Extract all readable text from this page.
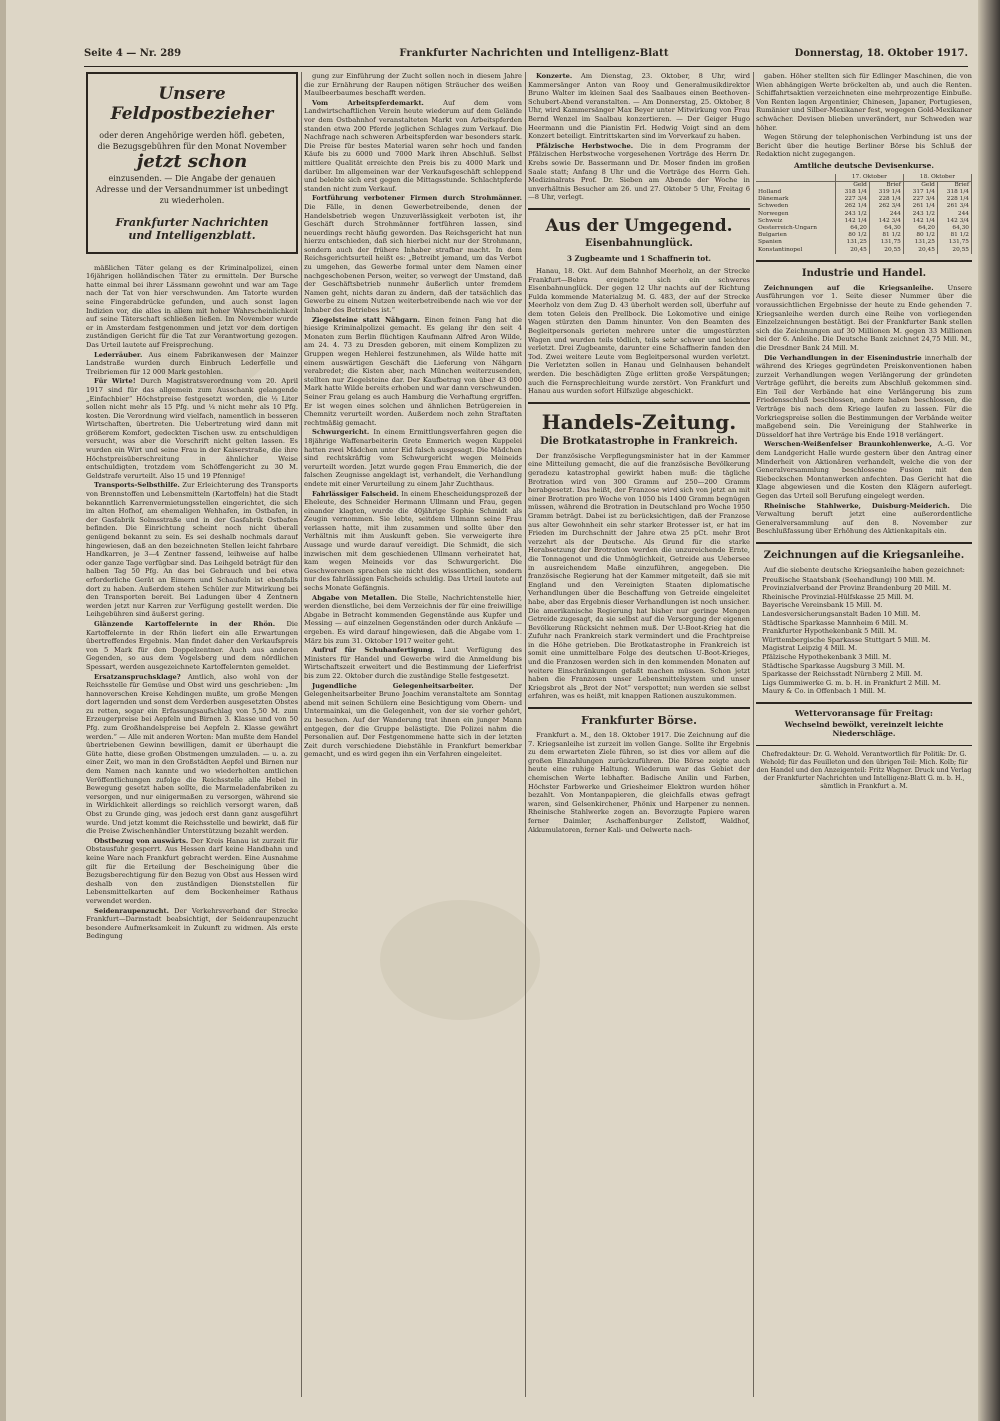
Seite 4 — Nr. 289	Frankfurter Nachrichten und Intelligenz-Blatt	Donnerstag, 18. Oktober 1917.
Unsere
Feldpostbezieher
oder deren Angehörige werden höfl. gebeten, die Bezugsgebühren für den Monat November
jetzt schon
einzusenden. — Die Angabe der genauen Adresse und der Versandnummer ist unbedingt zu wiederholen.
Frankfurter Nachrichten
und Intelligenzblatt.

mäßlichen Täter gelang es der Kriminalpolizei, einen 16jährigen holländischen Täter zu ermitteln. Der Bursche hatte einmal bei ihrer Lässmann gewohnt und war am Tage nach der Tat von hier verschwunden. Am Tatorte wurden seine Fingerabdrücke gefunden, und auch sonst lagen Indizien vor, die alles in allem mit hoher Wahrscheinlichkeit auf seine Täterschaft schließen ließen. Im November wurde er in Amsterdam festgenommen und jetzt vor dem dortigen zuständigen Gericht für die Tat zur Verantwortung gezogen. Das Urteil lautete auf Freisprechung.

Lederräuber. Aus einem Fabrikanwesen der Mainzer Landstraße wurden durch Einbruch Lederfelle und Treibriemen für 12 000 Mark gestohlen.

Für Wirte! Durch Magistratsverordnung vom 20. April 1917 sind für das allgemein zum Ausschank gelangende „Einfachbier“ Höchstpreise festgesetzt worden, die ⅓ Liter sollen nicht mehr als 15 Pfg. und ¼ nicht mehr als 10 Pfg. kosten. Die Verordnung wird vielfach, namentlich in besseren Wirtschaften, übertreten. Die Uebertretung wird dann mit größerem Komfort, gedeckten Tischen usw. zu entschuldigen versucht, was aber die Vorschrift nicht gelten lassen. Es wurden ein Wirt und seine Frau in der Kaiserstraße, die ihre Höchstpreisüberschreitung in ähnlicher Weise entschuldigten, trotzdem vom Schöffengericht zu 30 M. Geldstrafe verurteilt. Also 15 und 19 Pfennige!

Transports-Selbsthilfe. Zur Erleichterung des Transports von Brennstoffen und Lebensmitteln (Kartoffeln) hat die Stadt bekanntlich Karrenvermietungsstellen eingerichtet, die sich im alten Hofhof, am ehemaligen Wehhafen, im Ostbafen, in der Gasfabrik Solmsstraße und in der Gasfabrik Ostbafen befinden. Die Einrichtung scheint noch nicht überall genügend bekannt zu sein. Es sei deshalb nochmals darauf hingewiesen, daß an den bezeichneten Stellen leicht fahrbare Handkarren, je 3—4 Zentner fassend, leihweise auf halbe oder ganze Tage verfügbar sind. Das Leihgeld beträgt für den halben Tag 50 Pfg. An das bei Gebrauch und bei etwa erforderliche Gerät an Eimern und Schaufeln ist ebenfalls dort zu haben. Außerdem stehen Schüler zur Mitwirkung bei den Transporten bereit. Bei Ladungen über 4 Zentnern werden jetzt nur Karren zur Verfügung gestellt werden. Die Leihgebühren sind äußerst gering.

Glänzende Kartoffelernte in der Rhön. Die Kartoffelernte in der Rhön liefert ein alle Erwartungen übertreffendes Ergebnis. Man findet daher den Verkaufspreis von 5 Mark für den Doppelzentner. Auch aus anderen Gegenden, so aus dem Vogelsberg und dem nördlichen Spessart, werden ausgezeichnete Kartoffelernten gemeldet.

Ersatzanspruchsklage? Amtlich, also wohl von der Reichsstelle für Gemüse und Obst wird uns geschrieben: „Im hannoverschen Kreise Kehdingen mußte, um große Mengen dort lagernden und sonst dem Verderben ausgesetzten Obstes zu retten, sogar ein Erfassungsaufschlag von 5,50 M. zum Erzeugerpreise bei Aepfeln und Birnen 3. Klasse und von 50 Pfg. zum Großhandelspreise bei Aepfeln 2. Klasse gewährt werden.“ — Alle mit anderen Worten: Man mußte dem Handel übertriebenen Gewinn bewilligen, damit er überhaupt die Güte hatte, diese großen Obstmengen umzuladen. — u. a. zu einer Zeit, wo man in den Großstädten Aepfel und Birnen nur dem Namen nach kannte und wo wiederholten amtlichen Veröffentlichungen zufolge die Reichsstelle alle Hebel in Bewegung gesetzt haben sollte, die Marmeladenfabriken zu versorgen, und nur einigermaßen zu versorgen, während sie in Wirklichkeit allerdings so reichlich versorgt waren, daß Obst zu Grunde ging, was jedoch erst dann ganz ausgeführt wurde. Und jetzt kommt die Reichsstelle und bewirkt, daß für die Preise Zwischenhändler Unterstützung bezahlt werden.

Obstbezug von auswärts. Der Kreis Hanau ist zurzeit für Obstausfuhr gesperrt. Aus Hessen darf keine Handbahn und keine Ware nach Frankfurt gebracht werden. Eine Ausnahme gilt für die Erteilung der Bescheinigung über die Bezugsberechtigung für den Bezug von Obst aus Hessen wird deshalb von den zuständigen Dienststellen für Lebensmittelkarten auf dem Bockenheimer Rathaus verwendet werden.

Seidenraupenzucht. Der Verkehrsverband der Strecke Frankfurt—Darmstadt beabsichtigt, der Seidenraupenzucht besondere Aufmerksamkeit in Zukunft zu widmen. Als erste Bedingung

gung zur Einführung der Zucht sollen noch in diesem Jahre die zur Ernährung der Raupen nötigen Sträucher des weißen Maulbeerbaumes beschafft werden.

Vom Arbeitspferdemarkt. Auf dem vom Landwirtschaftlichen Verein heute wiederum auf dem Gelände vor dem Ostbahnhof veranstalteten Markt von Arbeitspferden standen etwa 200 Pferde jeglichen Schlages zum Verkauf. Die Nachfrage nach schweren Arbeitspferden war besonders stark. Die Preise für bestes Material waren sehr hoch und fanden Käufe bis zu 6000 und 7000 Mark ihren Abschluß. Selbst mittlere Qualität erreichte den Preis bis zu 4000 Mark und darüber. Im allgemeinen war der Verkaufsgeschäft schleppend und belebte sich erst gegen die Mittagsstunde. Schlachtpferde standen nicht zum Verkauf.

Fortführung verbotener Firmen durch Strohmänner. Die Fälle, in denen Gewerbetreibende, denen der Handelsbetrieb wegen Unzuverlässigkeit verboten ist, ihr Geschäft durch Strohmänner fortführen lassen, sind neuerdings recht häufig geworden. Das Reichsgericht hat nun hierzu entschieden, daß sich hierbei nicht nur der Strohmann, sondern auch der frühere Inhaber strafbar macht. In dem Reichsgerichtsurteil heißt es: „Betreibt jemand, um das Verbot zu umgehen, das Gewerbe formal unter dem Namen einer nachgeschobenen Person, weiter, so verwegt der Umstand, daß der Geschäftsbetrieb nunmehr äußerlich unter fremdem Namen geht, nichts daran zu ändern, daß der tatsächlich das Gewerbe zu einem Nutzen weiterbetreibende nach wie vor der Inhaber des Betriebes ist.“

Ziegelsteine statt Nähgarn. Einen feinen Fang hat die hiesige Kriminalpolizei gemacht. Es gelang ihr den seit 4 Monaten zum Berlin flüchtigen Kaufmann Alfred Aron Wilde, am 24. 4. 73 zu Dresden geboren, mit einem Komplizen zu Gruppen wegen Hehlerei festzunehmen, als Wilde hatte mit einem auswärtigen Geschäft die Lieferung von Nähgarn verabredet; die Kisten aber, nach München weiterzusenden, stellten nur Ziegelsteine dar. Der Kaufbetrag von über 43 000 Mark hatte Wilde bereits erhoben und war dann verschwunden. Seiner Frau gelang es auch Hamburg die Verhaftung ergriffen. Er ist wegen eines solchen und ähnlichen Betrügereien in Chemnitz verurteilt worden. Außerdem noch zehn Straftaten rechtmäßig gemacht.

Schwurgericht. In einem Ermittlungsverfahren gegen die 18jährige Waffenarbeiterin Grete Emmerich wegen Kuppelei hatten zwei Mädchen unter Eid falsch ausgesagt. Die Mädchen sind rechtskräftig vom Schwurgericht wegen Meineids verurteilt worden. Jetzt wurde gegen Frau Emmerich, die der falschen Zeugnisse angeklagt ist, verhandelt, die Verhandlung endete mit einer Verurteilung zu einem Jahr Zuchthaus.

Fahrlässiger Falscheid. In einem Ehescheidungsprozeß der Eheleute, des Schneider Hermann Ullmann und Frau, gegen einander klagten, wurde die 40jährige Sophie Schmidt als Zeugin vernommen. Sie lebte, seitdem Ullmann seine Frau verlassen hatte, mit ihm zusammen und sollte über den Verhältnis mit ihm Auskunft geben. Sie verweigerte ihre Aussage und wurde darauf vereidigt. Die Schmidt, die sich inzwischen mit dem geschiedenen Ullmann verheiratet hat, kam wegen Meineids vor das Schwurgericht. Die Geschworenen sprachen sie nicht des wissentlichen, sondern nur des fahrlässigen Falscheids schuldig. Das Urteil lautete auf sechs Monate Gefängnis.

Abgabe von Metallen. Die Stelle, Nachrichtenstelle hier, werden dienstliche, bei dem Verzeichnis der für eine freiwillige Abgabe in Betracht kommenden Gegenstände aus Kupfer und Messing — auf einzelnen Gegenständen oder durch Ankäufe — ergeben. Es wird darauf hingewiesen, daß die Abgabe vom 1. März bis zum 31. Oktober 1917 weiter geht.

Aufruf für Schuhanfertigung. Laut Verfügung des Ministers für Handel und Gewerbe wird die Anmeldung bis Wirtschaftszeit erweitert und die Bestimmung der Lieferfrist bis zum 22. Oktober durch die zuständige Stelle festgesetzt.

Jugendliche Gelegenheitsarbeiter. Der Gelegenheitsarbeiter Bruno Joachim veranstaltete am Sonntag abend mit seinen Schülern eine Besichtigung vom Obern- und Untermainkai, um die Gelegenheit, von der sie vorher gehört, zu besuchen. Auf der Wanderung trat ihnen ein junger Mann entgegen, der die Gruppe belästigte. Die Polizei nahm die Personalien auf. Der Festgenommene hatte sich in der letzten Zeit durch verschiedene Diebstähle in Frankfurt bemerkbar gemacht, und es wird gegen ihn ein Verfahren eingeleitet.

Konzerte. Am Dienstag, 23. Oktober, 8 Uhr, wird Kammersänger Anton van Rooy und Generalmusikdirektor Bruno Walter im kleinen Saal des Saalbaues einen Beethoven-Schubert-Abend veranstalten. — Am Donnerstag, 25. Oktober, 8 Uhr, wird Kammersänger Max Beyer unter Mitwirkung von Frau Bernd Wenzel im Saalbau konzertieren. — Der Geiger Hugo Heermann und die Pianistin Frl. Hedwig Voigt sind an dem Konzert beteiligt. Eintrittskarten sind im Vorverkauf zu haben.

Pfälzische Herbstwoche. Die in dem Programm der Pfälzischen Herbstwoche vorgesehenen Vorträge des Herrn Dr. Krebs sowie Dr. Bassermann und Dr. Moser finden im großen Saale statt; Anfang 8 Uhr und die Vorträge des Herrn Geh. Medizinalrats Prof. Dr. Sieben am Abende der Woche in unverhältnis Besucher am 26. und 27. Oktober 5 Uhr, Freitag 6—8 Uhr, verlegt.

Aus der Umgegend.
Eisenbahnunglück.
3 Zugbeamte und 1 Schaffnerin tot.

Hanau, 18. Okt. Auf dem Bahnhof Meerholz, an der Strecke Frankfurt—Bebra ereignete sich ein schweres Eisenbahnunglück. Der gegen 12 Uhr nachts auf der Richtung Fulda kommende Materialzug M. G. 483, der auf der Strecke Meerholz von dem Zug D. 43 überholt werden soll, überfuhr auf dem toten Geleis den Prellbock. Die Lokomotive und einige Wagen stürzten den Damm hinunter. Von den Beamten des Begleitpersonals gerieten mehrere unter die umgestürzten Wagen und wurden teils tödlich, teils sehr schwer und leichter verletzt. Drei Zugbeamte, darunter eine Schaffnerin fanden den Tod. Zwei weitere Leute vom Begleitpersonal wurden verletzt. Die Verletzten sollen in Hanau und Gelnhausen behandelt werden. Die beschädigten Züge erlitten große Verspätungen; auch die Fernsprechleitung wurde zerstört. Von Frankfurt und Hanau aus wurden sofort Hilfszüge abgeschickt.

Handels-Zeitung.
Die Brotkatastrophe in Frankreich.

Der französische Verpflegungsminister hat in der Kammer eine Mitteilung gemacht, die auf die französische Bevölkerung geradezu katastrophal gewirkt haben muß: die tägliche Brotration wird von 300 Gramm auf 250—200 Gramm herabgesetzt. Das heißt, der Franzose wird sich von jetzt an mit einer Brotration pro Woche von 1050 bis 1400 Gramm begnügen müssen, während die Brotration in Deutschland pro Woche 1950 Gramm beträgt. Dabei ist zu berücksichtigen, daß der Franzose aus alter Gewohnheit ein sehr starker Brotesser ist, er hat im Frieden im Durchschnitt der Jahre etwa 25 pCt. mehr Brot verzehrt als der Deutsche. Als Grund für die starke Herabsetzung der Brotration werden die unzureichende Ernte, die Tonnagenot und die Unmöglichkeit, Getreide aus Uebersee in ausreichendem Maße einzuführen, angegeben. Die französische Regierung hat der Kammer mitgeteilt, daß sie mit England und den Vereinigten Staaten diplomatische Verhandlungen über die Beschaffung von Getreide eingeleitet habe, aber das Ergebnis dieser Verhandlungen ist noch unsicher. Die amerikanische Regierung hat bisher nur geringe Mengen Getreide zugesagt, da sie selbst auf die Versorgung der eigenen Bevölkerung Rücksicht nehmen muß. Der U-Boot-Krieg hat die Zufuhr nach Frankreich stark vermindert und die Frachtpreise in die Höhe getrieben. Die Brotkatastrophe in Frankreich ist somit eine unmittelbare Folge des deutschen U-Boot-Krieges, und die Franzosen werden sich in den kommenden Monaten auf weitere Einschränkungen gefaßt machen müssen. Schon jetzt haben die Franzosen unser Lebensmittelsystem und unser Kriegsbrot als „Brot der Not“ verspottet; nun werden sie selbst erfahren, was es heißt, mit knappen Rationen auszukommen.

Frankfurter Börse.

Frankfurt a. M., den 18. Oktober 1917. Die Zeichnung auf die 7. Kriegsanleihe ist zurzeit im vollen Gange. Sollte ihr Ergebnis zu dem erwarteten Ziele führen, so ist dies vor allem auf die großen Einzahlungen zurückzuführen. Die Börse zeigte auch heute eine ruhige Haltung. Wiederum war das Gebiet der chemischen Werte lebhafter. Badische Anilin und Farben, Höchster Farbwerke und Griesheimer Elektron wurden höher bezahlt. Von Montanpapieren, die gleichfalls etwas gefragt waren, sind Gelsenkirchener, Phönix und Harpener zu nennen. Rheinische Stahlwerke zogen an. Bevorzugte Papiere waren ferner Daimler, Aschaffenburger Zellstoff, Waldhof, Akkumulatoren, ferner Kali- und Oelwerte nach-

gaben. Höher stellten sich für Edlinger Maschinen, die von Wien abhängigen Werte bröckelten ab, und auch die Renten. Schiffahrtsaktien verzeichneten eine mehrprozentige Einbuße. Von Renten lagen Argentinier, Chinesen, Japaner, Portugiesen, Rumänier und Silber-Mexikaner fest, wogegen Gold-Mexikaner schwächer. Devisen blieben unverändert, nur Schweden war höher.

Wegen Störung der telephonischen Verbindung ist uns der Bericht über die heutige Berliner Börse bis Schluß der Redaktion nicht zugegangen.

Amtliche deutsche Devisenkurse.
	17. Oktober		18. Oktober	
	Geld	Brief	Geld	Brief
Holland	318 1/4	319 1/4	317 1/4	318 1/4
Dänemark	227 3/4	228 1/4	227 3/4	228 1/4
Schweden	262 1/4	262 3/4	261 1/4	261 3/4
Norwegen	243 1/2	244	243 1/2	244
Schweiz	142 1/4	142 3/4	142 1/4	142 3/4
Oesterreich-Ungarn	64,20	64,30	64,20	64,30
Bulgarien	80 1/2	81 1/2	80 1/2	81 1/2
Spanien	131,25	131,75	131,25	131,75
Konstantinopel	20,45	20,55	20,45	20,55
Industrie und Handel.

Zeichnungen auf die Kriegsanleihe. Unsere Ausführungen vor 1. Seite dieser Nummer über die voraussichtlichen Ergebnisse der heute zu Ende gehenden 7. Kriegsanleihe werden durch eine Reihe von vorliegenden Einzelzeichnungen bestätigt. Bei der Frankfurter Bank stellen sich die Zeichnungen auf 30 Millionen M. gegen 33 Millionen bei der 6. Anleihe. Die Deutsche Bank zeichnet 24,75 Mill. M., die Dresdner Bank 24 Mill. M.

Die Verhandlungen in der Eisenindustrie innerhalb der während des Krieges gegründeten Preiskonventionen haben zurzeit Verhandlungen wegen Verlängerung der gründeten Verträge geführt, die bereits zum Abschluß gekommen sind. Ein Teil der Verbände hat eine Verlängerung bis zum Friedensschluß beschlossen, andere haben beschlossen, die Verträge bis nach dem Kriege laufen zu lassen. Für die Vorkriegspreise sollen die Bestimmungen der Verbände weiter maßgebend sein. Die Vereinigung der Stahlwerke in Düsseldorf hat ihre Verträge bis Ende 1918 verlängert.

Werschen-Weißenfelser Braunkohlenwerke, A.-G. Vor dem Landgericht Halle wurde gestern über den Antrag einer Minderheit von Aktionären verhandelt, welche die von der Generalversammlung beschlossene Fusion mit den Riebeckschen Montanwerken anfechten. Das Gericht hat die Klage abgewiesen und die Kosten den Klägern auferlegt. Gegen das Urteil soll Berufung eingelegt werden.

Rheinische Stahlwerke, Duisburg-Meiderich. Die Verwaltung beruft jetzt eine außerordentliche Generalversammlung auf den 8. November zur Beschlußfassung über Erhöhung des Aktienkapitals ein.

Zeichnungen auf die Kriegsanleihe.

Auf die siebente deutsche Kriegsanleihe haben gezeichnet:

Preußische Staatsbank (Seehandlung) 100 Mill. M.
Provinzialverband der Provinz Brandenburg 20 Mill. M.
Rheinische Provinzial-Hülfskasse 25 Mill. M.
Bayerische Vereinsbank 15 Mill. M.
Landesversicherungsanstalt Baden 10 Mill. M.
Städtische Sparkasse Mannheim 6 Mill. M.
Frankfurter Hypothekenbank 5 Mill. M.
Württembergische Sparkasse Stuttgart 5 Mill. M.
Magistrat Leipzig 4 Mill. M.
Pfälzische Hypothekenbank 3 Mill. M.
Städtische Sparkasse Augsburg 3 Mill. M.
Sparkasse der Reichsstadt Nürnberg 2 Mill. M.
Ligs Gummiwerke G. m. b. H. in Frankfurt 2 Mill. M.
Maury & Co. in Offenbach 1 Mill. M.
Wettervoransage für Freitag:
Wechselnd bewölkt, vereinzelt leichte Niederschläge.
Chefredakteur: Dr. G. Wehold. Verantwortlich für Politik: Dr. G. Wehold; für das Feuilleton und den übrigen Teil: Mich. Kolb; für den Handel und den Anzeigenteil: Fritz Wagner. Druck und Verlag der Frankfurter Nachrichten und Intelligenz-Blatt G. m. b. H., sämtlich in Frankfurt a. M.
